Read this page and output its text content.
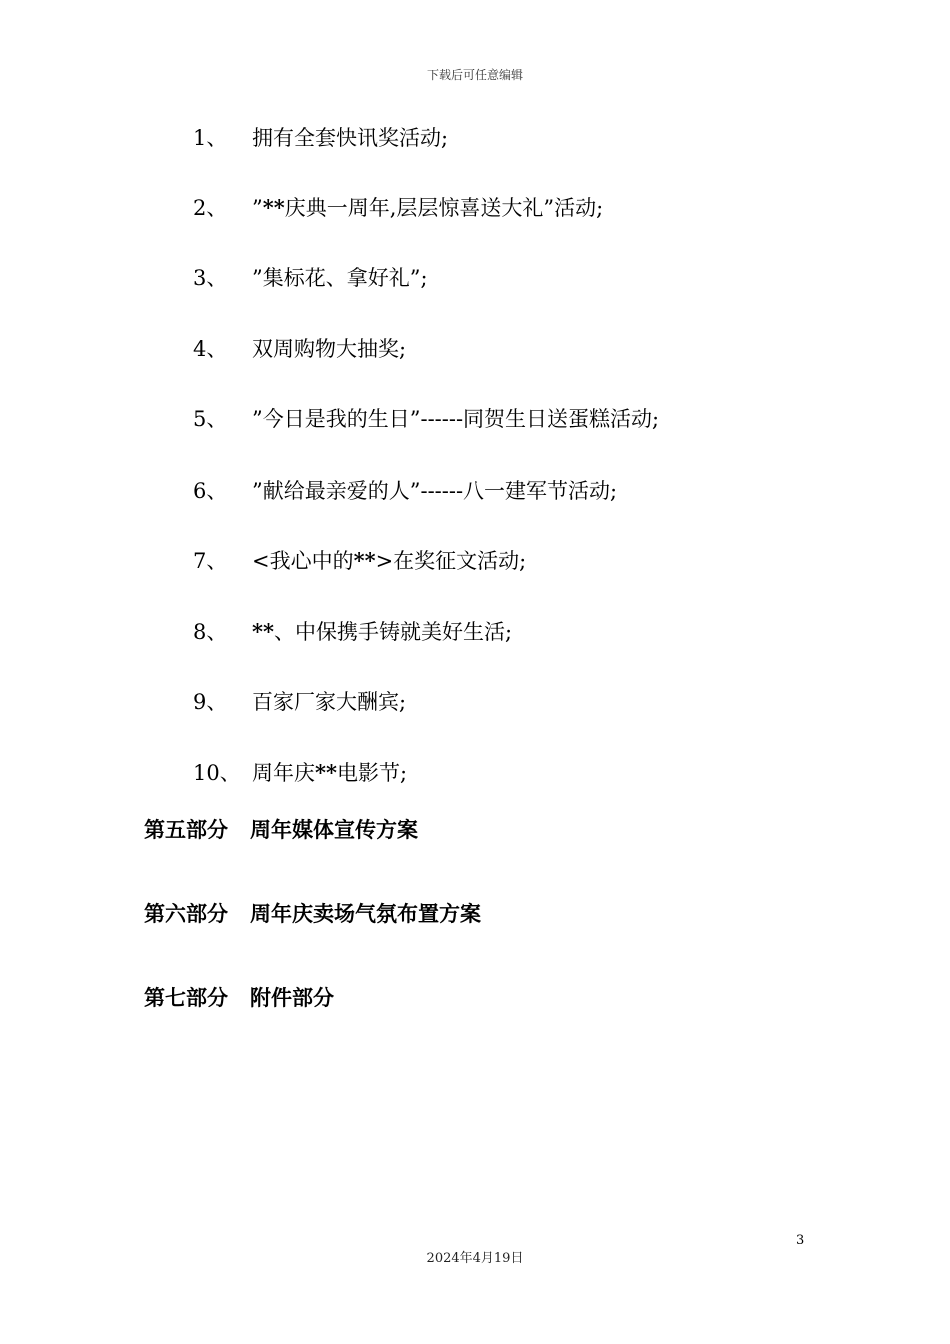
下载后可任意编辑
1、 拥有全套快讯奖活动;
2、 ”**庆典一周年,层层惊喜送大礼”活动;
3、 ”集标花、拿好礼”;
4、 双周购物大抽奖;
5、 ”今日是我的生日”------同贺生日送蛋糕活动;
6、 ”献给最亲爱的人”------八一建军节活动;
7、 <我心中的**>在奖征文活动;
8、 **、中保携手铸就美好生活;
9、 百家厂家大酬宾;
10、 周年庆**电影节;
第五部分 周年媒体宣传方案
第六部分 周年庆卖场气氛布置方案
第七部分 附件部分
3
2024年4月19日
